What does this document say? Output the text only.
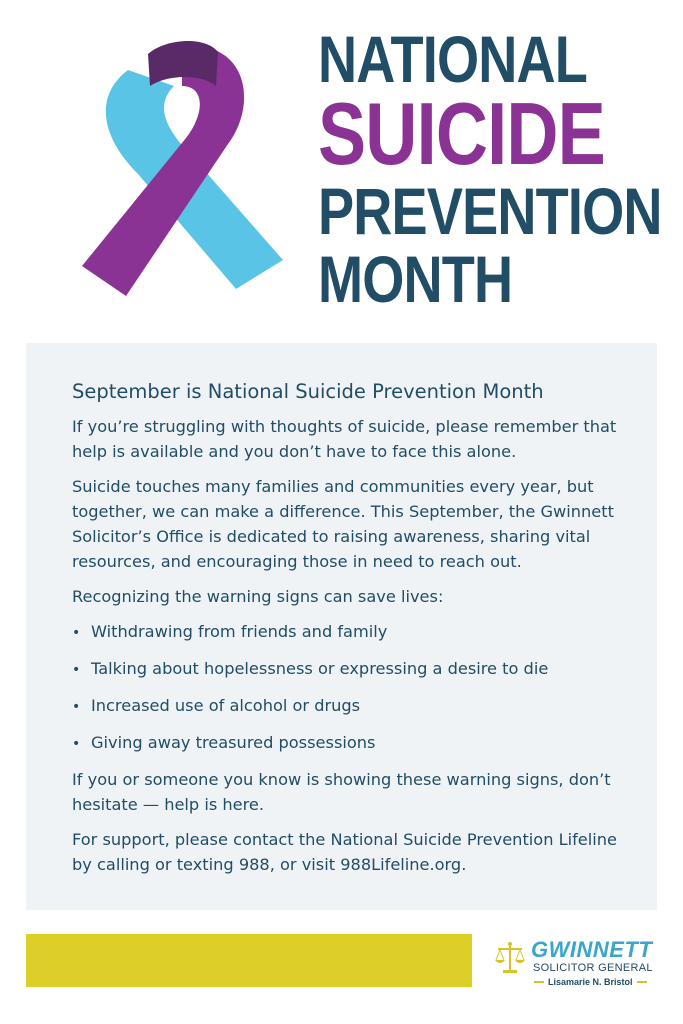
NATIONAL
SUICIDE
PREVENTION
MONTH

September is National Suicide Prevention Month

If you’re struggling with thoughts of suicide, please remember that help is available and you don’t have to face this alone.

Suicide touches many families and communities every year, but together, we can make a difference. This September, the Gwinnett Solicitor’s Office is dedicated to raising awareness, sharing vital resources, and encouraging those in need to reach out.

Recognizing the warning signs can save lives:

• Withdrawing from friends and family
• Talking about hopelessness or expressing a desire to die
• Increased use of alcohol or drugs
• Giving away treasured possessions

If you or someone you know is showing these warning signs, don’t hesitate — help is here.

For support, please contact the National Suicide Prevention Lifeline by calling or texting 988, or visit 988Lifeline.org.

GWINNETT
SOLICITOR GENERAL
Lisamarie N. Bristol
